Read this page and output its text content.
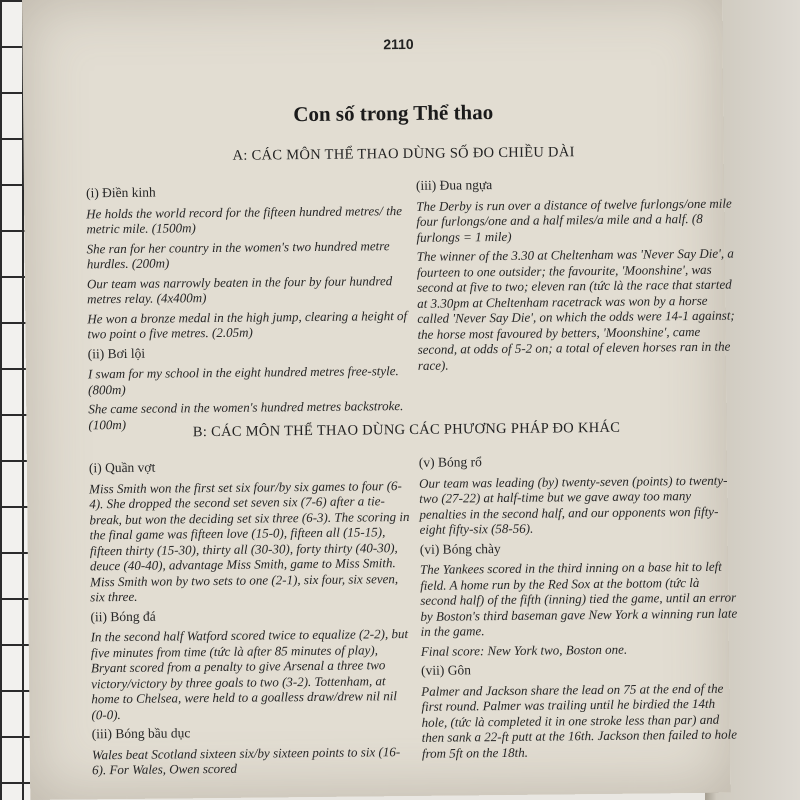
2110
Con số trong Thể thao
A: CÁC MÔN THỂ THAO DÙNG SỐ ĐO CHIỀU DÀI
(i) Điền kinh

He holds the world record for the fifteen hundred metres/ the metric mile. (1500m)

She ran for her country in the women's two hundred metre hurdles. (200m)

Our team was narrowly beaten in the four by four hundred metres relay. (4x400m)

He won a bronze medal in the high jump, clearing a height of two point o five metres. (2.05m)

(ii) Bơi lội

I swam for my school in the eight hundred metres free-style. (800m)

She came second in the women's hundred metres backstroke. (100m)

(iii) Đua ngựa

The Derby is run over a distance of twelve furlongs/one mile four furlongs/one and a half miles/a mile and a half. (8 furlongs = 1 mile)

The winner of the 3.30 at Cheltenham was 'Never Say Die', a fourteen to one outsider; the favourite, 'Moonshine', was second at five to two; eleven ran (tức là the race that started at 3.30pm at Cheltenham racetrack was won by a horse called 'Never Say Die', on which the odds were 14-1 against; the horse most favoured by betters, 'Moonshine', came second, at odds of 5-2 on; a total of eleven horses ran in the race).

B: CÁC MÔN THỂ THAO DÙNG CÁC PHƯƠNG PHÁP ĐO KHÁC
(i) Quần vợt

Miss Smith won the first set six four/by six games to four (6-4). She dropped the second set seven six (7-6) after a tie-break, but won the deciding set six three (6-3). The scoring in the final game was fifteen love (15-0), fifteen all (15-15), fifteen thirty (15-30), thirty all (30-30), forty thirty (40-30), deuce (40-40), advantage Miss Smith, game to Miss Smith. Miss Smith won by two sets to one (2-1), six four, six seven, six three.

(ii) Bóng đá

In the second half Watford scored twice to equalize (2-2), but five minutes from time (tức là after 85 minutes of play), Bryant scored from a penalty to give Arsenal a three two victory/victory by three goals to two (3-2). Tottenham, at home to Chelsea, were held to a goalless draw/drew nil nil (0-0).

(iii) Bóng bầu dục

Wales beat Scotland sixteen six/by sixteen points to six (16-6). For Wales, Owen scored

(v) Bóng rổ

Our team was leading (by) twenty-seven (points) to twenty-two (27-22) at half-time but we gave away too many penalties in the second half, and our opponents won fifty-eight fifty-six (58-56).

(vi) Bóng chày

The Yankees scored in the third inning on a base hit to left field. A home run by the Red Sox at the bottom (tức là second half) of the fifth (inning) tied the game, until an error by Boston's third baseman gave New York a winning run late in the game.

Final score: New York two, Boston one.

(vii) Gôn

Palmer and Jackson share the lead on 75 at the end of the first round. Palmer was trailing until he birdied the 14th hole, (tức là completed it in one stroke less than par) and then sank a 22-ft putt at the 16th. Jackson then failed to hole from 5ft on the 18th.
